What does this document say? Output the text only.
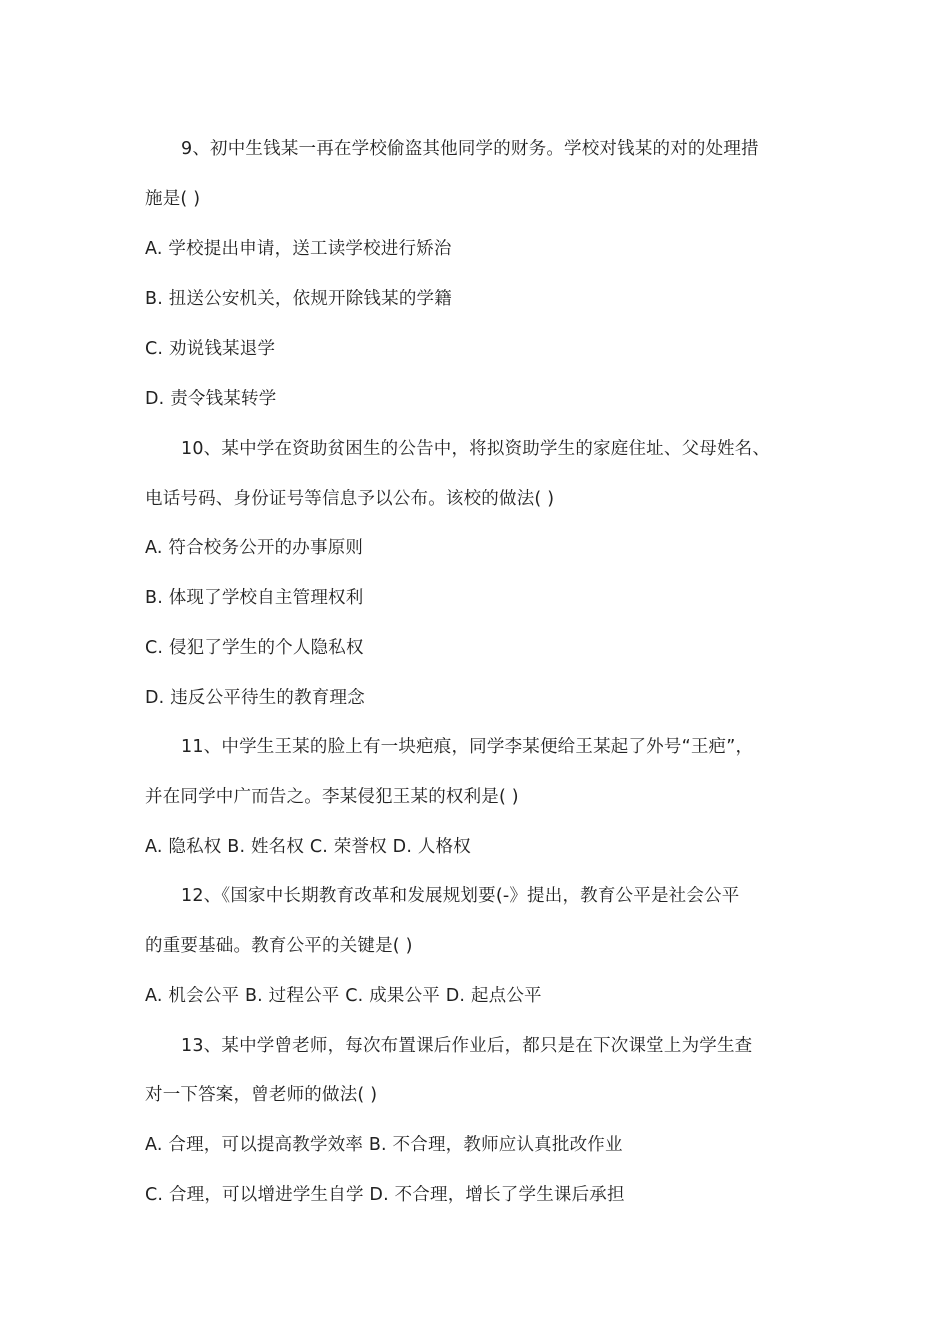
9、初中生钱某一再在学校偷盗其他同学的财务。学校对钱某的对的处理措
施是( )
A. 学校提出申请，送工读学校进行矫治
B. 扭送公安机关，依规开除钱某的学籍
C. 劝说钱某退学
D. 责令钱某转学
10、某中学在资助贫困生的公告中，将拟资助学生的家庭住址、父母姓名、
电话号码、身份证号等信息予以公布。该校的做法( )
A. 符合校务公开的办事原则
B. 体现了学校自主管理权利
C. 侵犯了学生的个人隐私权
D. 违反公平待生的教育理念
11、中学生王某的脸上有一块疤痕，同学李某便给王某起了外号“王疤”，
并在同学中广而告之。李某侵犯王某的权利是( )
A. 隐私权 B. 姓名权 C. 荣誉权 D. 人格权
12、《国家中长期教育改革和发展规划要(-》提出，教育公平是社会公平
的重要基础。教育公平的关键是( )
A. 机会公平 B. 过程公平 C. 成果公平 D. 起点公平
13、某中学曾老师，每次布置课后作业后，都只是在下次课堂上为学生查
对一下答案，曾老师的做法( )
A. 合理，可以提高教学效率 B. 不合理，教师应认真批改作业
C. 合理，可以增进学生自学 D. 不合理，增长了学生课后承担
